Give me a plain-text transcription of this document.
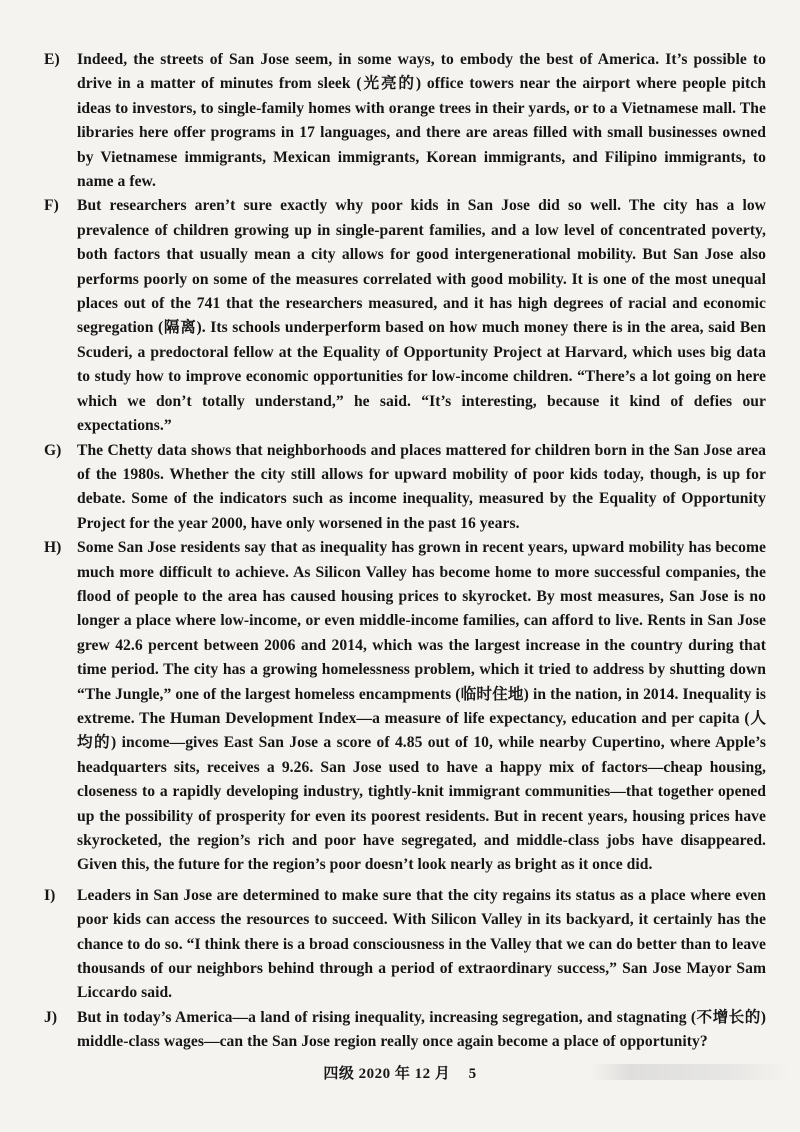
E) Indeed, the streets of San Jose seem, in some ways, to embody the best of America. It’s possible to drive in a matter of minutes from sleek (光亮的) office towers near the airport where people pitch ideas to investors, to single-family homes with orange trees in their yards, or to a Vietnamese mall. The libraries here offer programs in 17 languages, and there are areas filled with small businesses owned by Vietnamese immigrants, Mexican immigrants, Korean immigrants, and Filipino immigrants, to name a few.

F) But researchers aren’t sure exactly why poor kids in San Jose did so well. The city has a low prevalence of children growing up in single-parent families, and a low level of concentrated poverty, both factors that usually mean a city allows for good intergenerational mobility. But San Jose also performs poorly on some of the measures correlated with good mobility. It is one of the most unequal places out of the 741 that the researchers measured, and it has high degrees of racial and economic segregation (隔离). Its schools underperform based on how much money there is in the area, said Ben Scuderi, a predoctoral fellow at the Equality of Opportunity Project at Harvard, which uses big data to study how to improve economic opportunities for low-income children. “There’s a lot going on here which we don’t totally understand,” he said. “It’s interesting, because it kind of defies our expectations.”

G) The Chetty data shows that neighborhoods and places mattered for children born in the San Jose area of the 1980s. Whether the city still allows for upward mobility of poor kids today, though, is up for debate. Some of the indicators such as income inequality, measured by the Equality of Opportunity Project for the year 2000, have only worsened in the past 16 years.

H) Some San Jose residents say that as inequality has grown in recent years, upward mobility has become much more difficult to achieve. As Silicon Valley has become home to more successful companies, the flood of people to the area has caused housing prices to skyrocket. By most measures, San Jose is no longer a place where low-income, or even middle-income families, can afford to live. Rents in San Jose grew 42.6 percent between 2006 and 2014, which was the largest increase in the country during that time period. The city has a growing homelessness problem, which it tried to address by shutting down “The Jungle,” one of the largest homeless encampments (临时住地) in the nation, in 2014. Inequality is extreme. The Human Development Index—a measure of life expectancy, education and per capita (人均的) income—gives East San Jose a score of 4.85 out of 10, while nearby Cupertino, where Apple’s headquarters sits, receives a 9.26. San Jose used to have a happy mix of factors—cheap housing, closeness to a rapidly developing industry, tightly-knit immigrant communities—that together opened up the possibility of prosperity for even its poorest residents. But in recent years, housing prices have skyrocketed, the region’s rich and poor have segregated, and middle-class jobs have disappeared. Given this, the future for the region’s poor doesn’t look nearly as bright as it once did.

I) Leaders in San Jose are determined to make sure that the city regains its status as a place where even poor kids can access the resources to succeed. With Silicon Valley in its backyard, it certainly has the chance to do so. “I think there is a broad consciousness in the Valley that we can do better than to leave thousands of our neighbors behind through a period of extraordinary success,” San Jose Mayor Sam Liccardo said.

J) But in today’s America—a land of rising inequality, increasing segregation, and stagnating (不增长的) middle-class wages—can the San Jose region really once again become a place of opportunity?

四级 2020 年 12 月 5
